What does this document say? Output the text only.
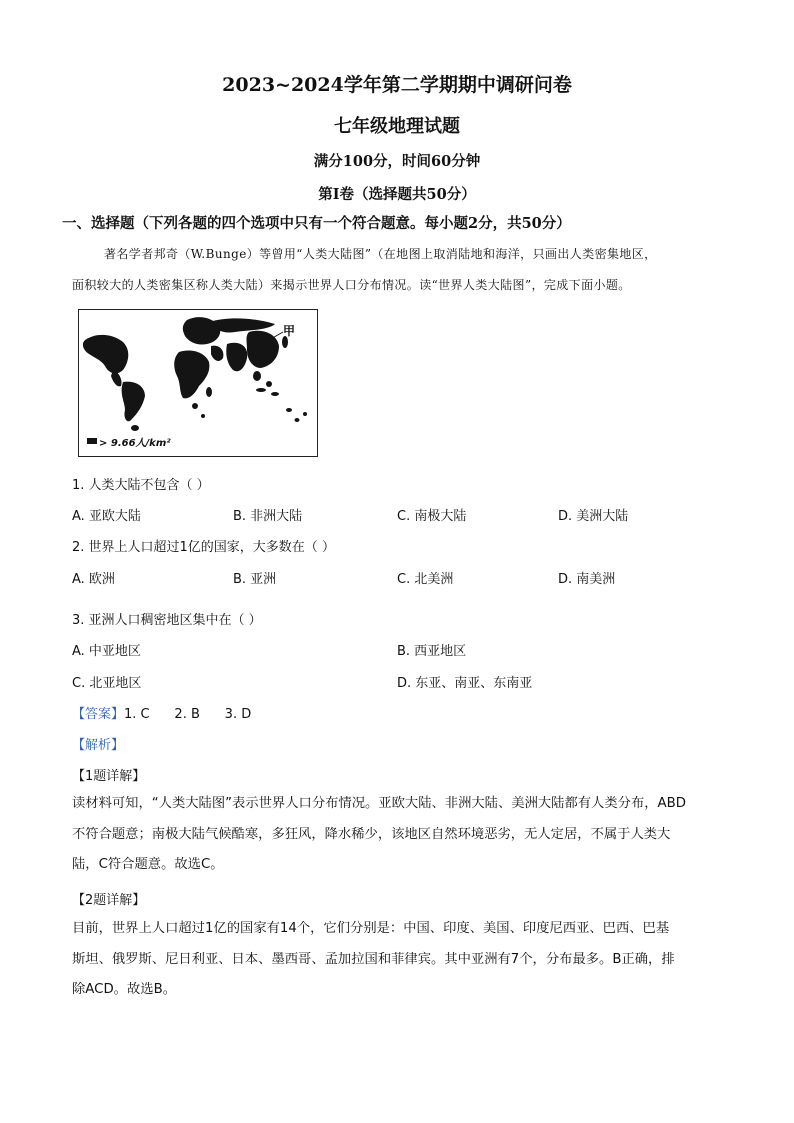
2023~2024学年第二学期期中调研问卷
七年级地理试题
满分100分，时间60分钟
第Ⅰ卷（选择题共50分）
一、选择题（下列各题的四个选项中只有一个符合题意。每小题2分，共50分）
著名学者邦奇（W.Bunge）等曾用“人类大陆图”（在地图上取消陆地和海洋，只画出人类密集地区，
面积较大的人类密集区称人类大陆）来揭示世界人口分布情况。读“世界人类大陆图”，完成下面小题。
甲
> 9.66人/km²
1. 人类大陆不包含（ ）
A. 亚欧大陆	B. 非洲大陆	C. 南极大陆	D. 美洲大陆
2. 世界上人口超过1亿的国家，大多数在（ ）
A. 欧洲	B. 亚洲	C. 北美洲	D. 南美洲
3. 亚洲人口稠密地区集中在（ ）
A. 中亚地区	B. 西亚地区
C. 北亚地区	D. 东亚、南亚、东南亚
【答案】1. C      2. B      3. D
【解析】
【1题详解】
读材料可知，“人类大陆图”表示世界人口分布情况。亚欧大陆、非洲大陆、美洲大陆都有人类分布，ABD
不符合题意；南极大陆气候酷寒，多狂风，降水稀少，该地区自然环境恶劣，无人定居，不属于人类大
陆，C符合题意。故选C。
【2题详解】
目前，世界上人口超过1亿的国家有14个，它们分别是：中国、印度、美国、印度尼西亚、巴西、巴基
斯坦、俄罗斯、尼日利亚、日本、墨西哥、孟加拉国和菲律宾。其中亚洲有7个，分布最多。B正确，排
除ACD。故选B。
